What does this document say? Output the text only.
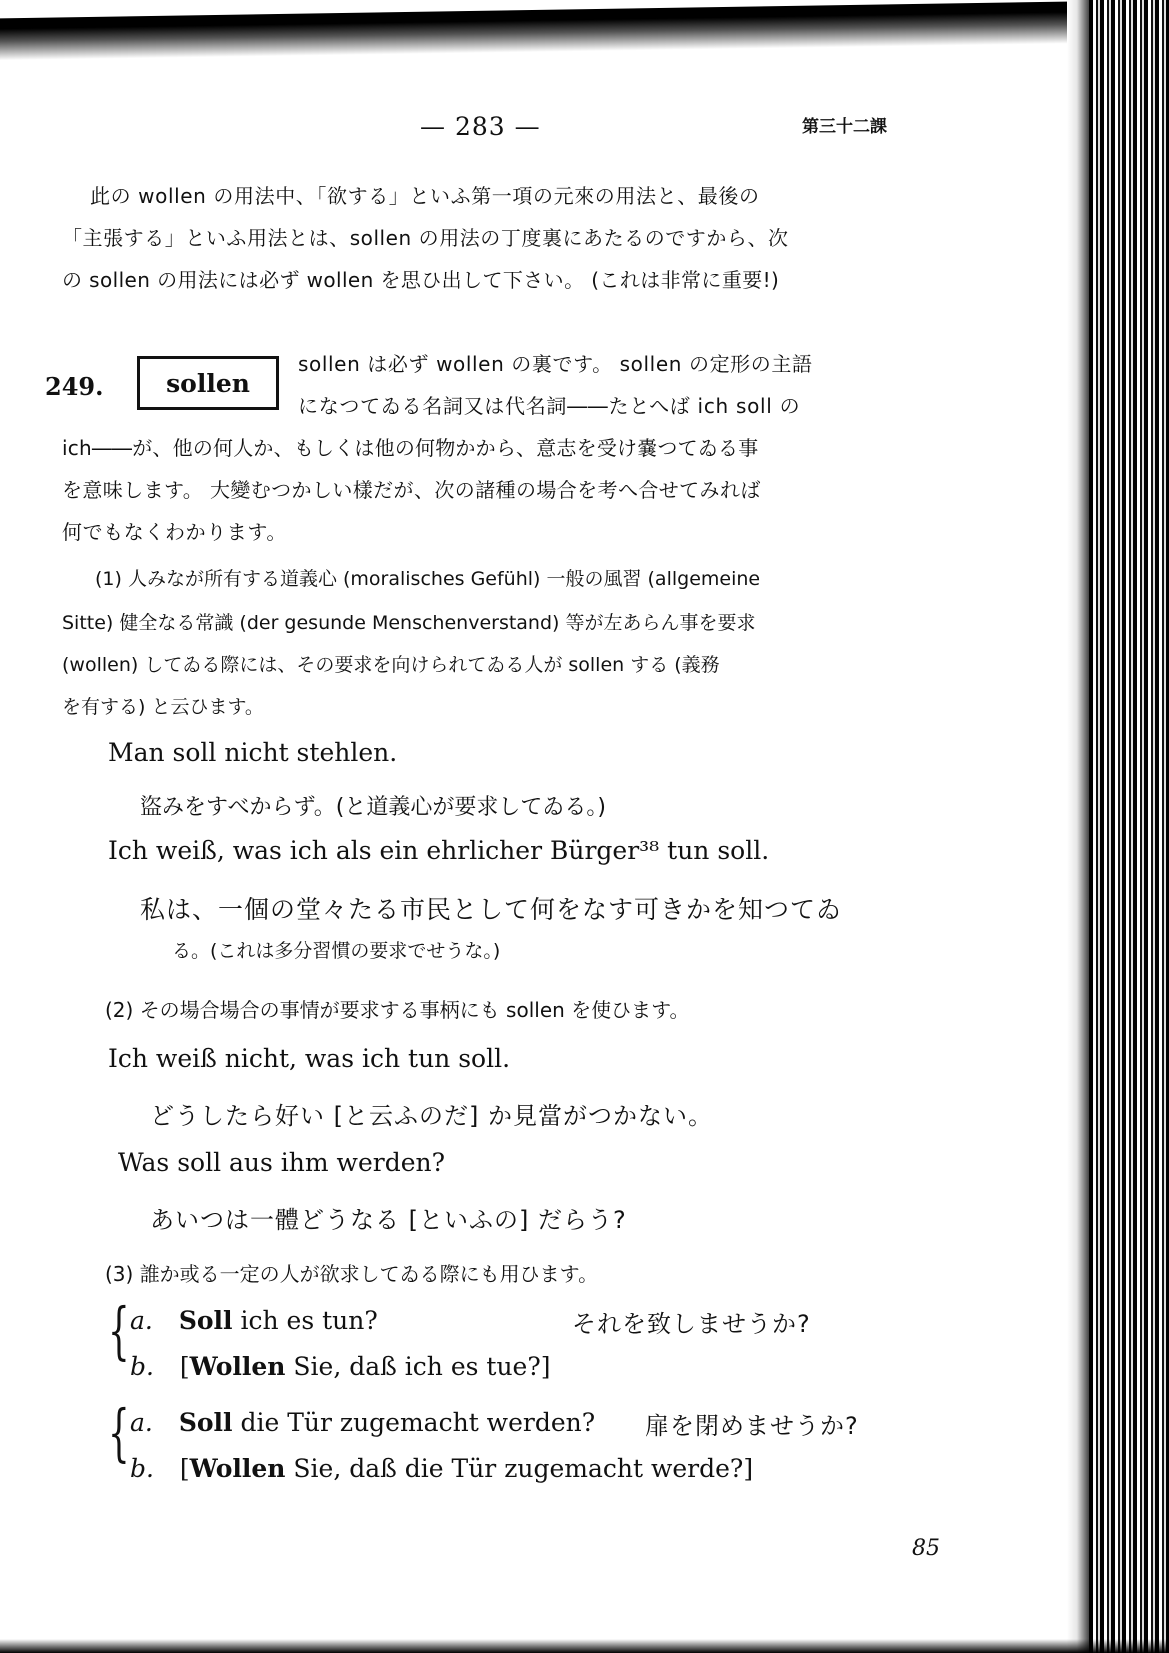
— 283 —	第三十二課
此の wollen の用法中、「欲する」といふ第一項の元來の用法と、最後の
「主張する」といふ用法とは、sollen の用法の丁度裏にあたるのですから、次
の sollen の用法には必ず wollen を思ひ出して下さい。 (これは非常に重要!)
249.	sollen
sollen は必ず wollen の裏です。 sollen の定形の主語
になつてゐる名詞又は代名詞――たとへば ich soll の
ich――が、他の何人か、もしくは他の何物かから、意志を受け嚢つてゐる事
を意味します。 大變むつかしい樣だが、次の諸種の場合を考へ合せてみれば
何でもなくわかります。
(1) 人みなが所有する道義心 (moralisches Gefühl) 一般の風習 (allgemeine
Sitte) 健全なる常識 (der gesunde Menschenverstand) 等が左あらん事を要求
(wollen) してゐる際には、その要求を向けられてゐる人が sollen する (義務
を有する) と云ひます。
Man soll nicht stehlen.
盜みをすべからず。(と道義心が要求してゐる。)
Ich weiß, was ich als ein ehrlicher Bürger³⁸ tun soll.
私は、一個の堂々たる市民として何をなす可きかを知つてゐ
る。(これは多分習慣の要求でせうな。)
(2) その場合場合の事情が要求する事柄にも sollen を使ひます。
Ich weiß nicht, was ich tun soll.
どうしたら好い [と云ふのだ] か見當がつかない。
Was soll aus ihm werden?
あいつは一體どうなる [といふの] だらう?
(3) 誰か或る一定の人が欲求してゐる際にも用ひます。
{ a. Soll ich es tun?	それを致しませうか?
b. [Wollen Sie, daß ich es tue?]
{ a. Soll die Tür zugemacht werden? 扉を閉めませうか?
b. [Wollen Sie, daß die Tür zugemacht werde?]
85
